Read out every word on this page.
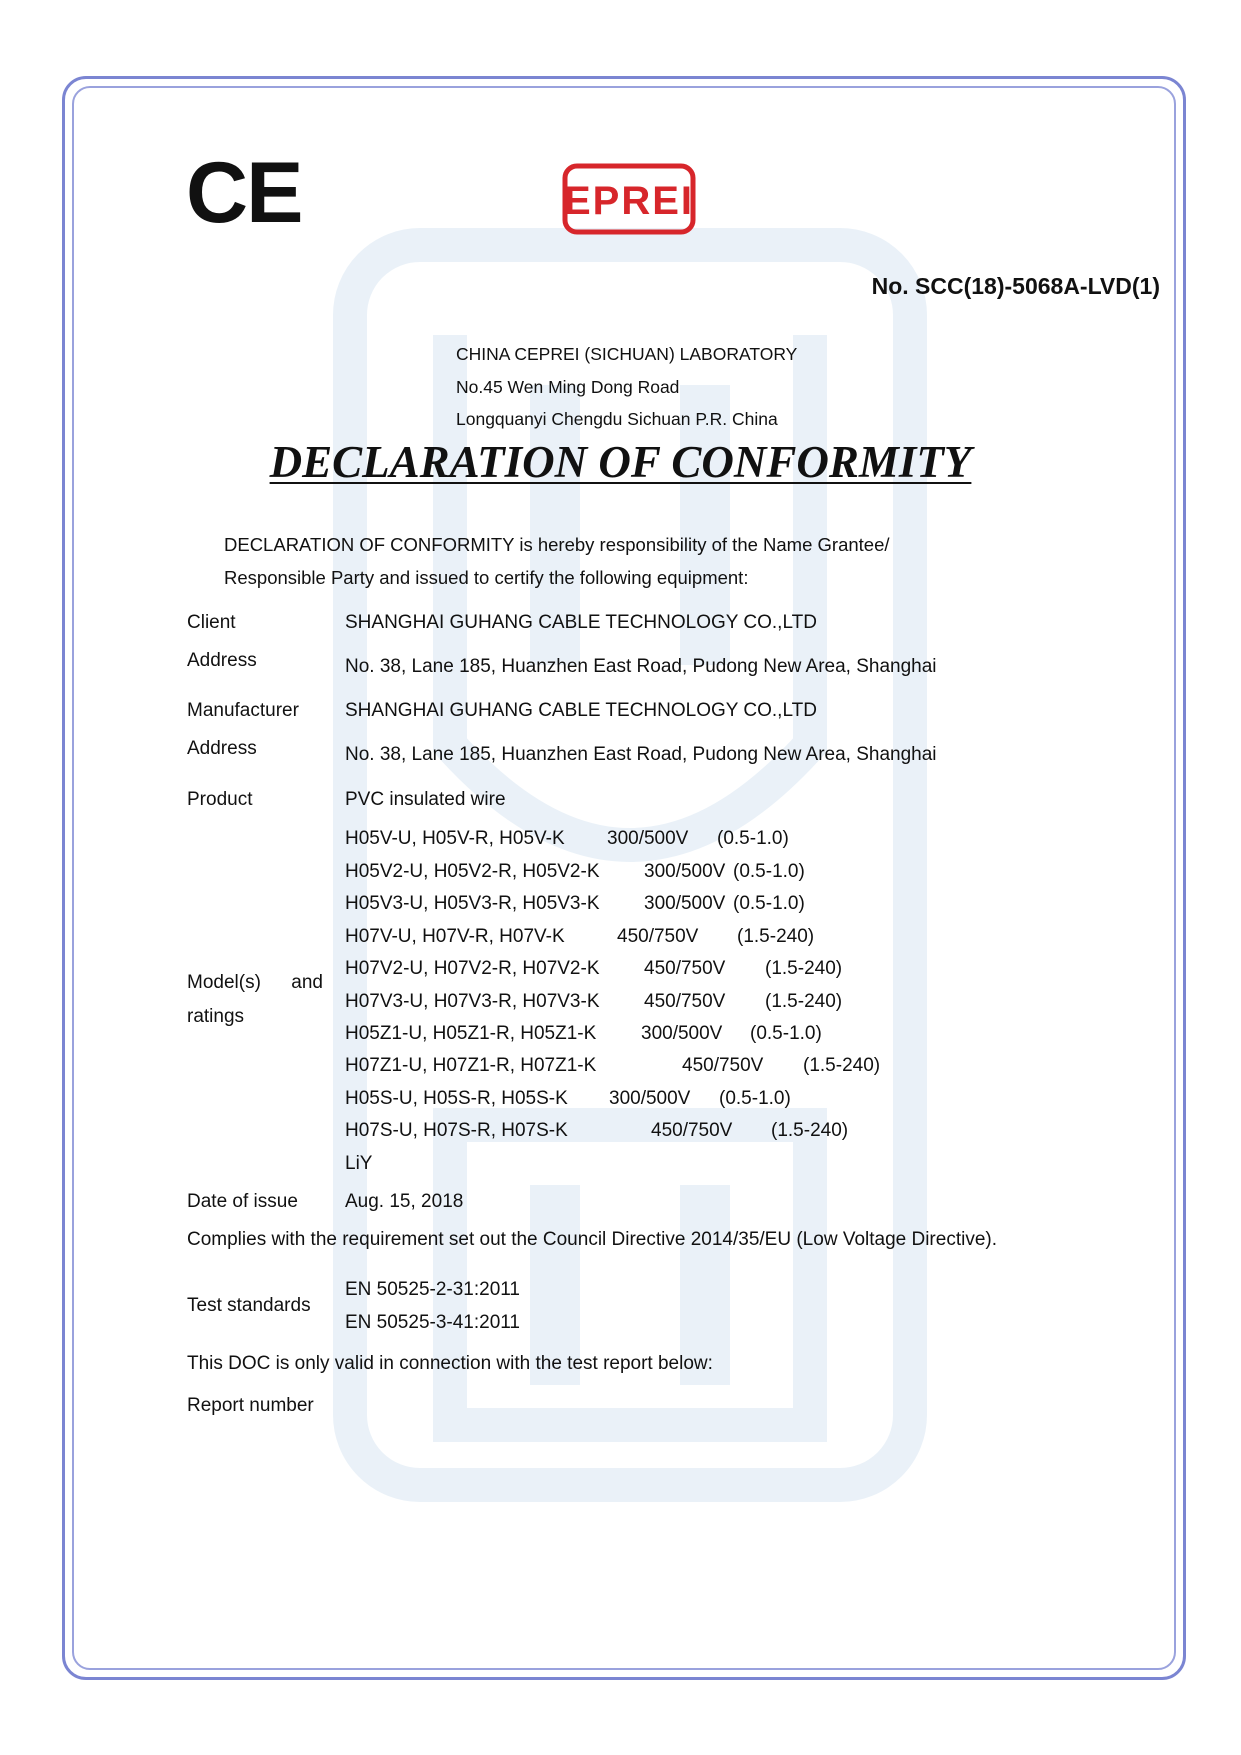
CE	EPREI
No. SCC(18)-5068A-LVD(1)
CHINA CEPREI (SICHUAN) LABORATORY
No.45 Wen Ming Dong Road
Longquanyi Chengdu Sichuan P.R. China
DECLARATION OF CONFORMITY
DECLARATION OF CONFORMITY is hereby responsibility of the Name Grantee/
Responsible Party and issued to certify the following equipment:
Client	SHANGHAI GUHANG CABLE TECHNOLOGY CO.,LTD
Address	No. 38, Lane 185, Huanzhen East Road, Pudong New Area, Shanghai
Manufacturer SHANGHAI GUHANG CABLE TECHNOLOGY CO.,LTD
Address	No. 38, Lane 185, Huanzhen East Road, Pudong New Area, Shanghai
Product	PVC insulated wire
Model(s) and
ratings
H05V-U, H05V-R, H05V-K 300/500V (0.5-1.0)
H05V2-U, H05V2-R, H05V2-K 300/500V (0.5-1.0)
H05V3-U, H05V3-R, H05V3-K 300/500V (0.5-1.0)
H07V-U, H07V-R, H07V-K	450/750V (1.5-240)
H07V2-U, H07V2-R, H07V2-K 450/750V (1.5-240)
H07V3-U, H07V3-R, H07V3-K 450/750V (1.5-240)
H05Z1-U, H05Z1-R, H05Z1-K 300/500V (0.5-1.0)
H07Z1-U, H07Z1-R, H07Z1-K	450/750V (1.5-240)
H05S-U, H05S-R, H05S-K 300/500V (0.5-1.0)
H07S-U, H07S-R, H07S-K	450/750V (1.5-240)
LiY
Date of issue Aug. 15, 2018
Complies with the requirement set out the Council Directive 2014/35/EU (Low Voltage Directive).
Test standards
EN 50525-2-31:2011
EN 50525-3-41:2011
This DOC is only valid in connection with the test report below:
Report number
